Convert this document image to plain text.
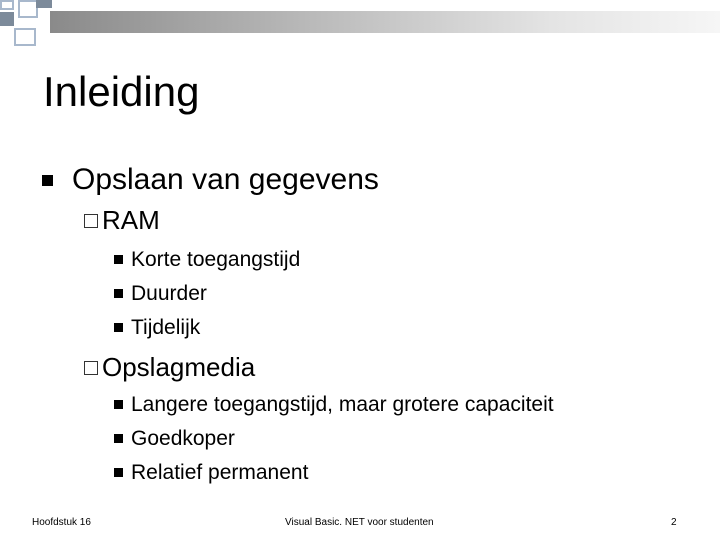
Inleiding
Opslaan van gegevens
RAM
Korte toegangstijd
Duurder
Tijdelijk
Opslagmedia
Langere toegangstijd, maar grotere capaciteit
Goedkoper
Relatief permanent
Hoofdstuk 16	Visual Basic. NET voor studenten	2
